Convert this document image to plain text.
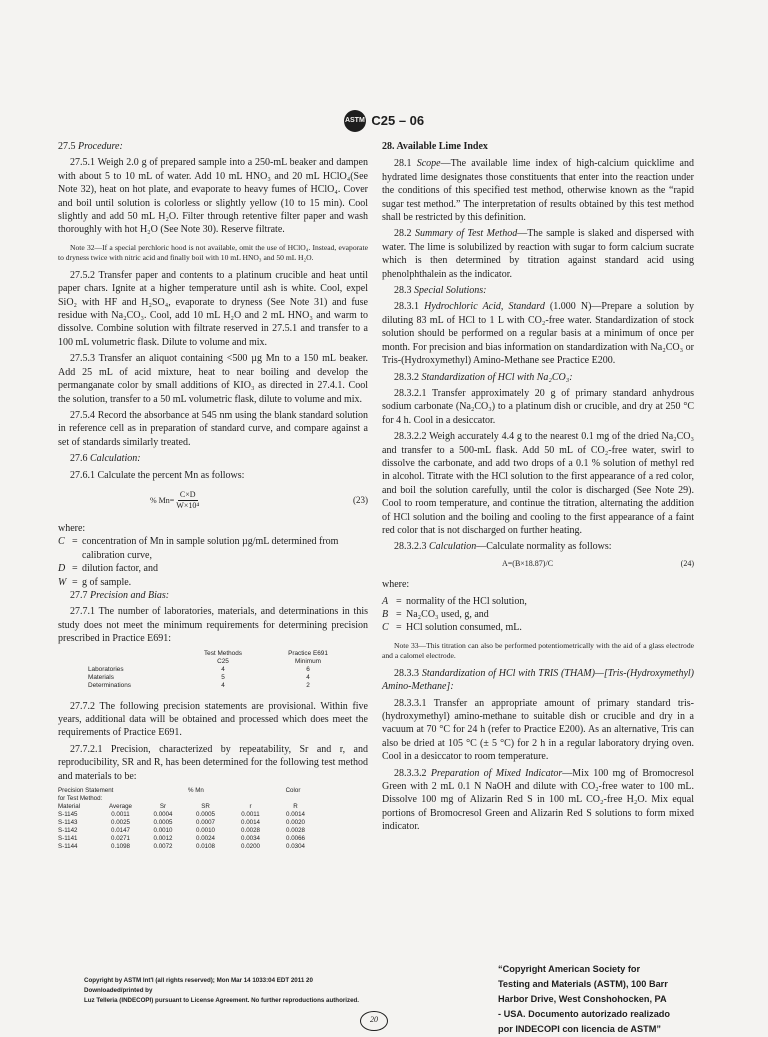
ASTM C25 – 06

27.5 Procedure:

27.5.1 Weigh 2.0 g of prepared sample into a 250-mL beaker and dampen with about 5 to 10 mL of water. Add 10 mL HNO₃ and 20 mL HClO₄(See Note 32), heat on hot plate, and evaporate to heavy fumes of HClO₄. Cover and boil until solution is colorless or slightly yellow (10 to 15 min). Cool slightly and add 50 mL H₂O. Filter through retentive filter paper and wash thoroughly with hot H₂O (See Note 30). Reserve filtrate.

Note 32—If a special perchloric hood is not available, omit the use of HClO₄. Instead, evaporate to dryness twice with nitric acid and finally boil with 10 mL HNO₃ and 50 mL H₂O.

27.5.2 Transfer paper and contents to a platinum crucible and heat until paper chars. Ignite at a higher temperature until ash is white. Cool, expel SiO₂ with HF and H₂SO₄, evaporate to dryness (See Note 31) and fuse residue with Na₂CO₃. Cool, add 10 mL H₂O and 2 mL HNO₃ and warm to dissolve. Combine solution with filtrate reserved in 27.5.1 and transfer to a 100 mL volumetric flask. Dilute to volume and mix.

27.5.3 Transfer an aliquot containing <500 µg Mn to a 150 mL beaker. Add 25 mL of acid mixture, heat to near boiling and develop the permanganate color by small additions of KIO₃ as directed in 27.4.1. Cool the solution, transfer to a 50 mL volumetric flask, dilute to volume and mix.

27.5.4 Record the absorbance at 545 nm using the blank standard solution in reference cell as in preparation of standard curve, and compare against a set of standards similarly treated.

27.6 Calculation:

27.6.1 Calculate the percent Mn as follows:

% $Mn= \frac{C\times D}{\text{W×10⁴}}$	(23)

where:

C = concentration of Mn in sample solution µg/mL determined from calibration curve,
D = dilution factor, and
W = g of sample.

27.7 Precision and Bias:

27.7.1 The number of laboratories, materials, and determinations in this study does not meet the minimum requirements for determining precision prescribed in Practice E691:

Test Methods	Practice E691
C25	Minimum
Laboratories	4	6
Materials	5	4
Determinations	4	2

27.7.2 The following precision statements are provisional. Within five years, additional data will be obtained and processed which does meet the requirements of Practice E691.

27.7.2.1 Precision, characterized by repeatability, Sr and r, and reproducibility, SR and R, has been determined for the following test method and materials to be:

Precision Statement	% Mn	Color
for Test Method:
Material	Average	Sr	SR	r	R
S-1145	0.0011	0.0004	0.0005	0.0011	0.0014
S-1143	0.0025	0.0005	0.0007	0.0014	0.0020
S-1142	0.0147	0.0010	0.0010	0.0028	0.0028
S-1141	0.0271	0.0012	0.0024	0.0034	0.0066
S-1144	0.1098	0.0072	0.0108	0.0200	0.0304

28. Available Lime Index

28.1 Scope—The available lime index of high-calcium quicklime and hydrated lime designates those constituents that enter into the reaction under the conditions of this specified test method, otherwise known as the “rapid sugar test method.” The interpretation of results obtained by this test method shall be restricted by this definition.

28.2 Summary of Test Method—The sample is slaked and dispersed with water. The lime is solubilized by reaction with sugar to form calcium sucrate which is then determined by titration against standard acid using phenolphthalein as the indicator.

28.3 Special Solutions:

28.3.1 Hydrochloric Acid, Standard (1.000 N)—Prepare a solution by diluting 83 mL of HCl to 1 L with CO₂-free water. Standardization of stock solution should be performed on a regular basis at a minimum of once per month. For precision and bias information on standardization with Na₂CO₃ or Tris-(Hydroxymethyl) Amino-Methane see Practice E200.

28.3.2 Standardization of HCl with Na₂CO₃:

28.3.2.1 Transfer approximately 20 g of primary standard anhydrous sodium carbonate (Na₂CO₃) to a platinum dish or crucible, and dry at 250 °C for 4 h. Cool in a desiccator.

28.3.2.2 Weigh accurately 4.4 g to the nearest 0.1 mg of the dried Na₂CO₃ and transfer to a 500-mL flask. Add 50 mL of CO₂-free water, swirl to dissolve the carbonate, and add two drops of a 0.1 % solution of methyl red in alcohol. Titrate with the HCl solution to the first appearance of a red color, and boil the solution carefully, until the color is discharged (See Note 29). Cool to room temperature, and continue the titration, alternating the addition of HCl solution and the boiling and cooling to the first appearance of a faint red color that is not discharged on further heating.

28.3.2.3 Calculation—Calculate normality as follows:

A=(B×18.87)/C	(24)

where:

A = normality of the HCl solution,
B = Na₂CO₃ used, g, and
C = HCl solution consumed, mL.

Note 33—This titration can also be performed potentiometrically with the aid of a glass electrode and a calomel electrode.

28.3.3 Standardization of HCl with TRIS (THAM)—[Tris-(Hydroxymethyl) Amino-Methane]:

28.3.3.1 Transfer an appropriate amount of primary standard tris-(hydroxymethyl) amino-methane to suitable dish or crucible and dry in a vacuum at 70 °C for 24 h (refer to Practice E200). As an alternative, Tris can also be dried at 105 °C (± 5 °C) for 2 h in a regular laboratory drying oven. Cool in a desiccator to room temperature.

28.3.3.2 Preparation of Mixed Indicator—Mix 100 mg of Bromocresol Green with 2 mL 0.1 N NaOH and dilute with CO₂-free water to 100 mL. Dissolve 100 mg of Alizarin Red S in 100 mL CO₂-free H₂O. Mix equal portions of Bromocresol Green and Alizarin Red S solutions to form mixed indicator.

Copyright by ASTM Int'l (all rights reserved); Mon Mar 14 1033:04 EDT 2011 20
Downloaded/printed by
Luz Telleria (INDECOPI) pursuant to License Agreement. No further reproductions authorized.
“Copyright American Society for
Testing and Materials (ASTM), 100 Barr
Harbor Drive, West Conshohocken, PA
- USA. Documento autorizado realizado
por INDECOPI con licencia de ASTM”
20
